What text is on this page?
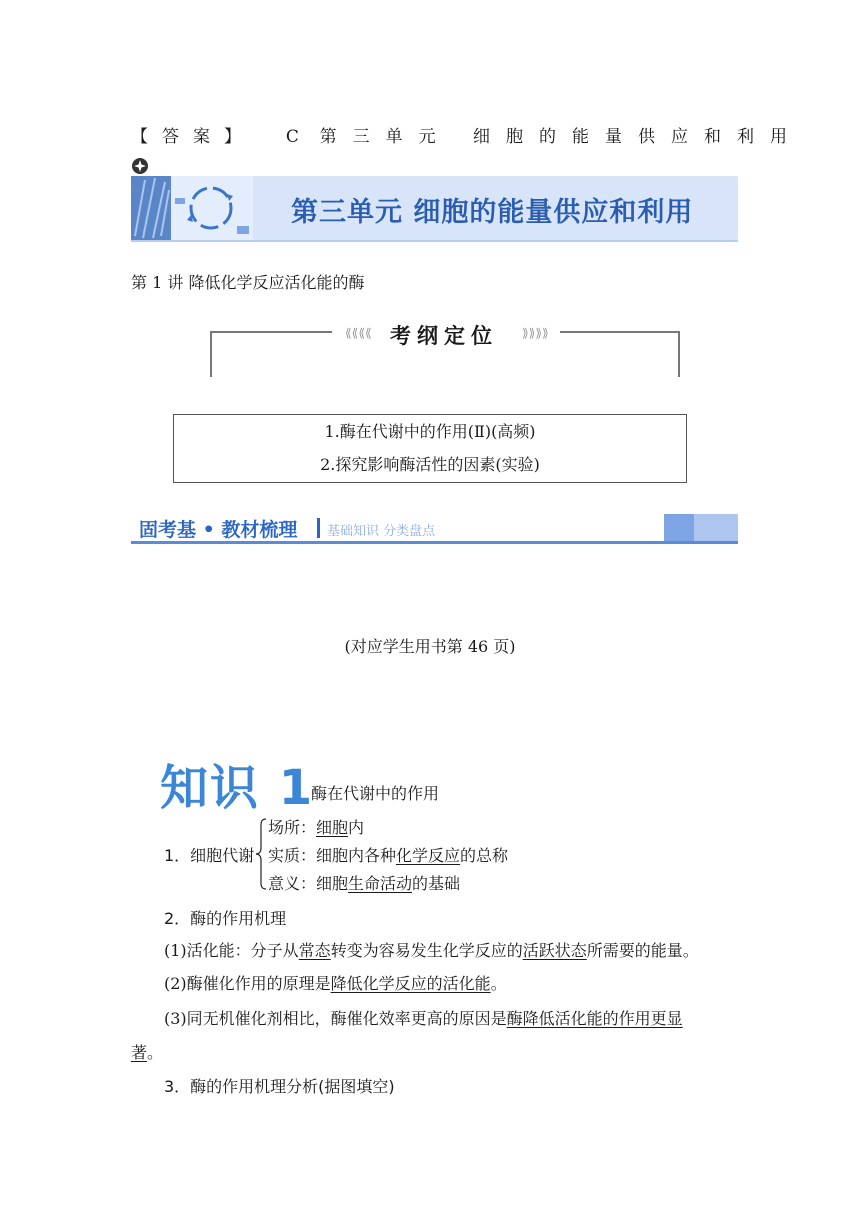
【答案】 C 第三单元 细胞的能量供应和利用
第三单元 细胞的能量供应和利用
第 1 讲 降低化学反应活化能的酶
⟪⟪⟪⟪ 考纲定位 ⟫⟫⟫⟫
1.酶在代谢中的作用(Ⅱ)(高频)
2.探究影响酶活性的因素(实验)
固考基 • 教材梳理 基础知识 分类盘点
(对应学生用书第 46 页)
知识 1
酶在代谢中的作用
1．细胞代谢
场所：细胞内
实质：细胞内各种化学反应的总称
意义：细胞生命活动的基础
2．酶的作用机理
(1)活化能：分子从常态转变为容易发生化学反应的活跃状态所需要的能量。
(2)酶催化作用的原理是降低化学反应的活化能。
(3)同无机催化剂相比，酶催化效率更高的原因是酶降低活化能的作用更显
著。
3．酶的作用机理分析(据图填空)
